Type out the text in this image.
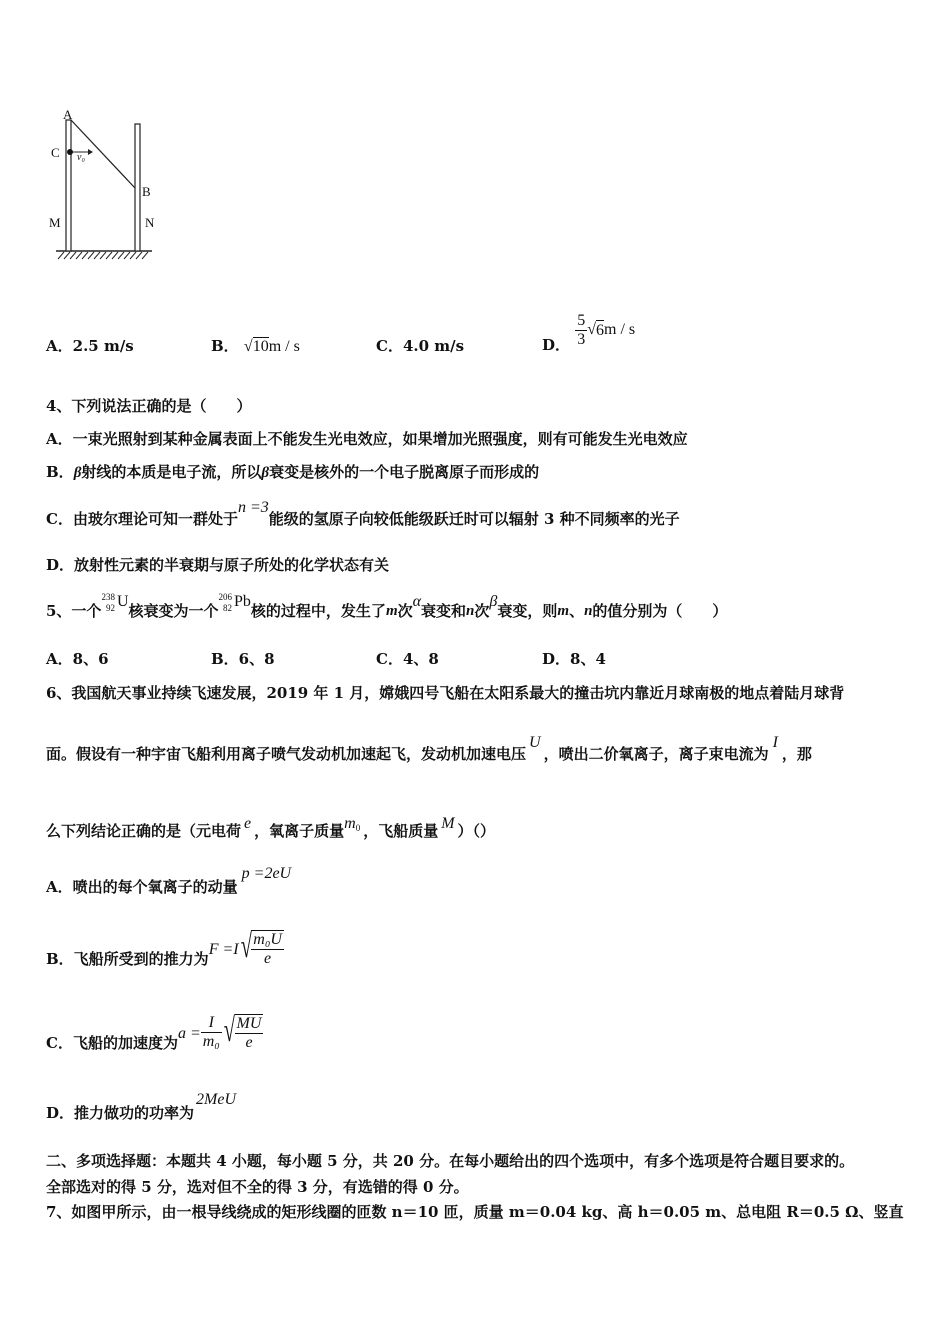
A
C v₀
B
M	N
A．2.5 m/s	B． √10m / s	C．4.0 m/s	D． $\frac{5}{3} √6m$ / s
4、下列说法正确的是（　　）
A．一束光照射到某种金属表面上不能发生光电效应，如果增加光照强度，则有可能发生光电效应
B．β射线的本质是电子流，所以β衰变是核外的一个电子脱离原子而形成的
C．由玻尔理论可知一群处于n =3能级的氢原子向较低能级跃迁时可以辐射 3 种不同频率的光子
D．放射性元素的半衰期与原子所处的化学状态有关
5、一个
238
92 U核衰变为一个
206
82 Pb核的过程中，发生了m次α衰变和n次β衰变，则m、n的值分别为（　　）
A．8、6	B．6、8	C．4、8	D．8、4
6、我国航天事业持续飞速发展，2019 年 1 月，嫦娥四号飞船在太阳系最大的撞击坑内靠近月球南极的地点着陆月球背
面。假设有一种宇宙飞船利用离子喷气发动机加速起飞，发动机加速电压U，喷出二价氧离子，离子束电流为I，那
么下列结论正确的是（元电荷 e ，氧离子质量m0 ，飞船质量 M ）（）
A．喷出的每个氧离子的动量p =2eU
B．飞船所受到的推力为$F =I√ \frac{\text{m₀U}}{e}$
C．飞船的加速度为$a = \frac{I}{\text{m₀}}$ √ $\frac{MU}{e}$
D．推力做功的功率为2MeU
二、多项选择题：本题共 4 小题，每小题 5 分，共 20 分。在每小题给出的四个选项中，有多个选项是符合题目要求的。
全部选对的得 5 分，选对但不全的得 3 分，有选错的得 0 分。
7、如图甲所示，由一根导线绕成的矩形线圈的匝数 n＝10 匝，质量 m＝0.04 kg、高 h＝0.05 m、总电阻 R＝0.5 Ω、竖直
